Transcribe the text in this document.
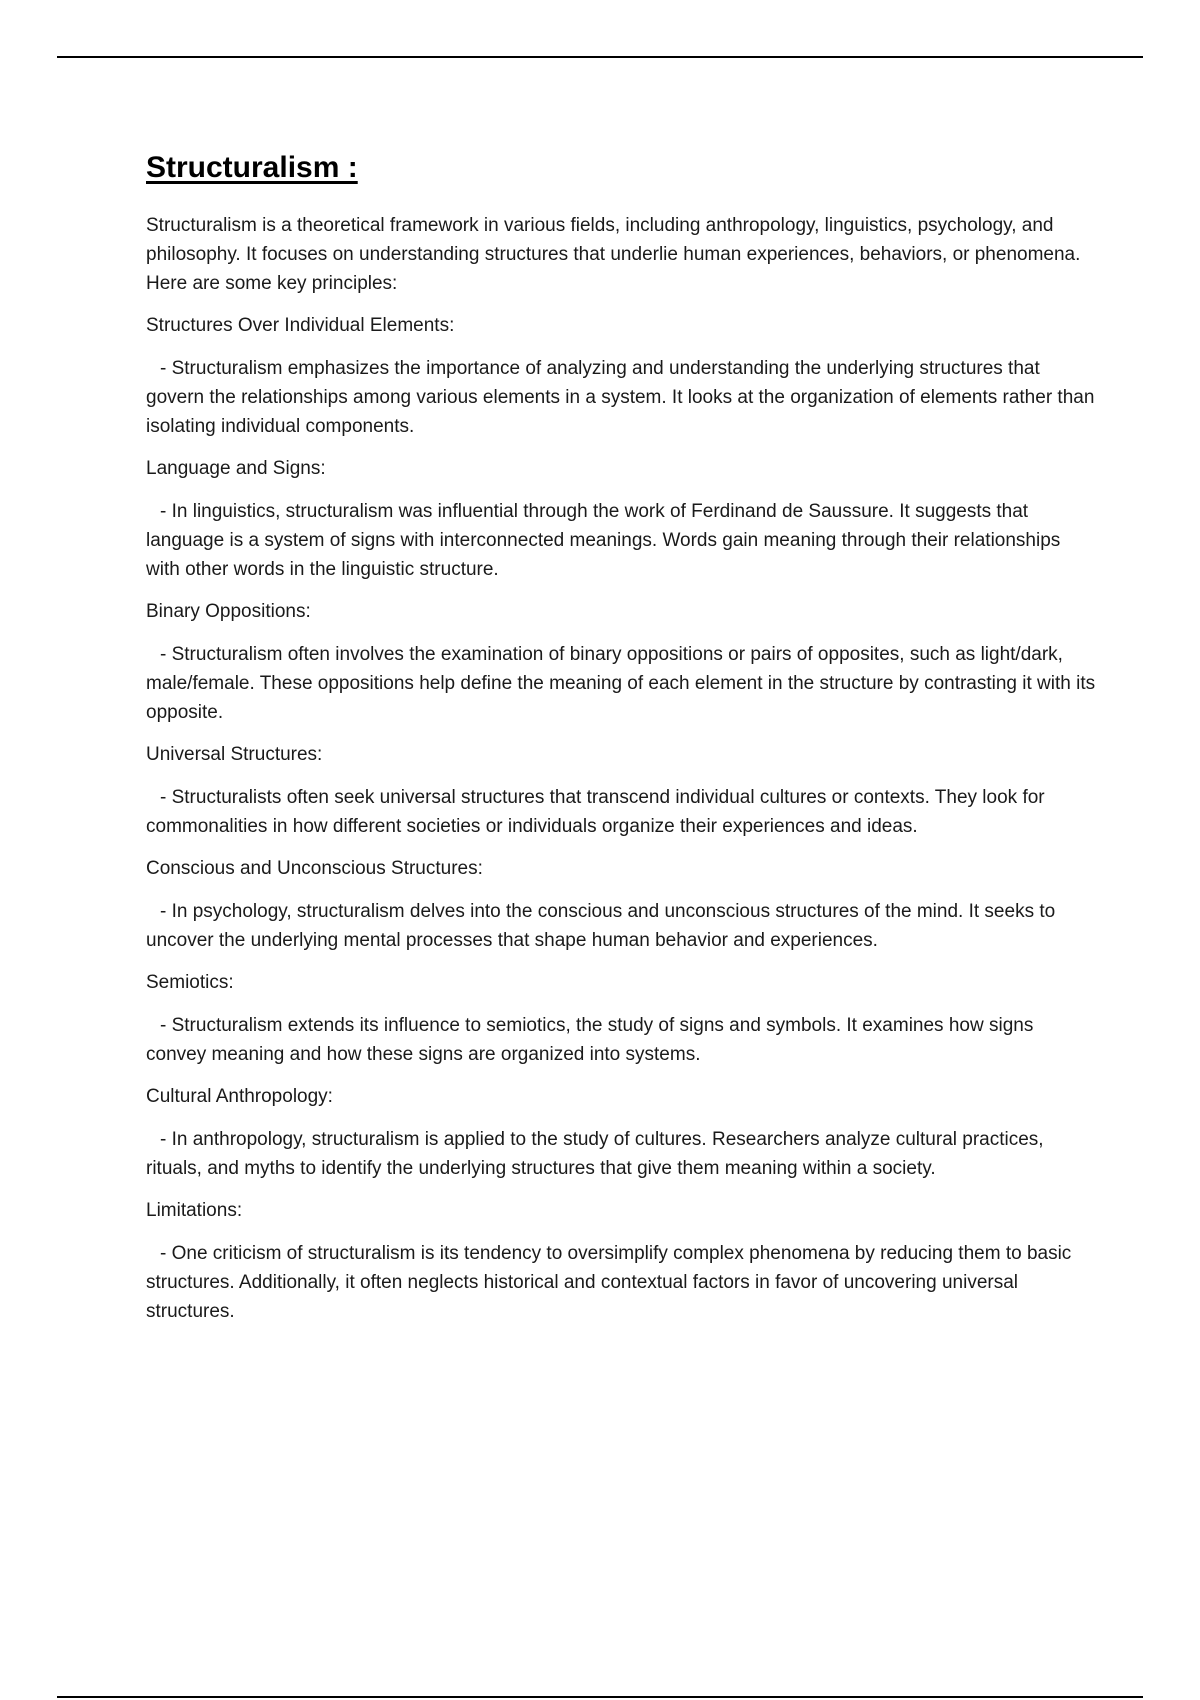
Structuralism :

Structuralism is a theoretical framework in various fields, including anthropology, linguistics, psychology, and philosophy. It focuses on understanding structures that underlie human experiences, behaviors, or phenomena. Here are some key principles:

Structures Over Individual Elements:

- Structuralism emphasizes the importance of analyzing and understanding the underlying structures that govern the relationships among various elements in a system. It looks at the organization of elements rather than isolating individual components.

Language and Signs:

- In linguistics, structuralism was influential through the work of Ferdinand de Saussure. It suggests that language is a system of signs with interconnected meanings. Words gain meaning through their relationships with other words in the linguistic structure.

Binary Oppositions:

- Structuralism often involves the examination of binary oppositions or pairs of opposites, such as light/dark, male/female. These oppositions help define the meaning of each element in the structure by contrasting it with its opposite.

Universal Structures:

- Structuralists often seek universal structures that transcend individual cultures or contexts. They look for commonalities in how different societies or individuals organize their experiences and ideas.

Conscious and Unconscious Structures:

- In psychology, structuralism delves into the conscious and unconscious structures of the mind. It seeks to uncover the underlying mental processes that shape human behavior and experiences.

Semiotics:

- Structuralism extends its influence to semiotics, the study of signs and symbols. It examines how signs convey meaning and how these signs are organized into systems.

Cultural Anthropology:

- In anthropology, structuralism is applied to the study of cultures. Researchers analyze cultural practices, rituals, and myths to identify the underlying structures that give them meaning within a society.

Limitations:

- One criticism of structuralism is its tendency to oversimplify complex phenomena by reducing them to basic structures. Additionally, it often neglects historical and contextual factors in favor of uncovering universal structures.
